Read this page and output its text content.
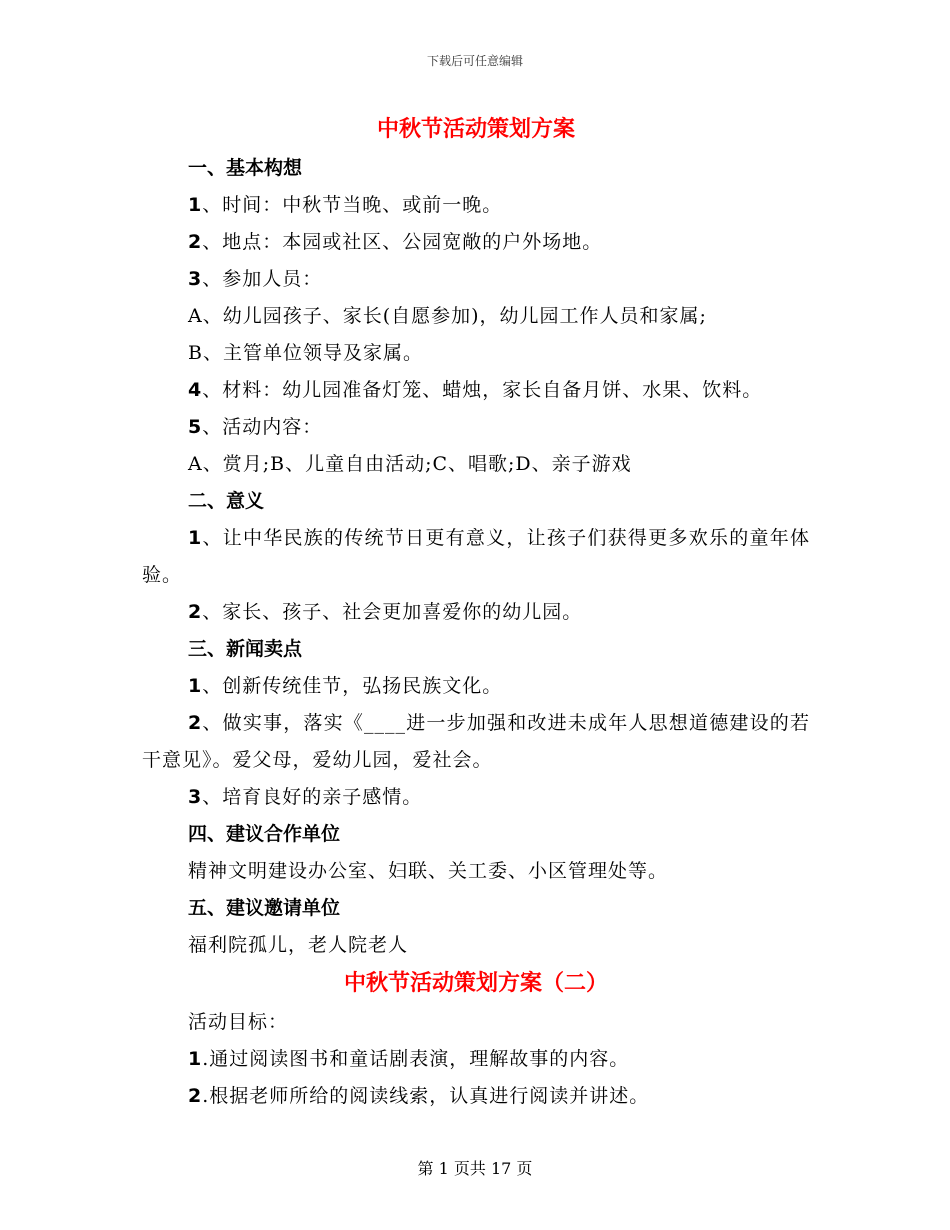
下载后可任意编辑
中秋节活动策划方案
一、基本构想

1、时间：中秋节当晚、或前一晚。

2、地点：本园或社区、公园宽敞的户外场地。

3、参加人员：

A、幼儿园孩子、家长(自愿参加)，幼儿园工作人员和家属;

B、主管单位领导及家属。

4、材料：幼儿园准备灯笼、蜡烛，家长自备月饼、水果、饮料。

5、活动内容：

A、赏月;B、儿童自由活动;C、唱歌;D、亲子游戏

二、意义

1、让中华民族的传统节日更有意义，让孩子们获得更多欢乐的童年体验。

2、家长、孩子、社会更加喜爱你的幼儿园。

三、新闻卖点

1、创新传统佳节，弘扬民族文化。

2、做实事，落实《____进一步加强和改进未成年人思想道德建设的若干意见》。爱父母，爱幼儿园，爱社会。

3、培育良好的亲子感情。

四、建议合作单位

精神文明建设办公室、妇联、关工委、小区管理处等。

五、建议邀请单位

福利院孤儿，老人院老人

中秋节活动策划方案（二）

活动目标：

1.通过阅读图书和童话剧表演，理解故事的内容。

2.根据老师所给的阅读线索，认真进行阅读并讲述。

第 1 页共 17 页
